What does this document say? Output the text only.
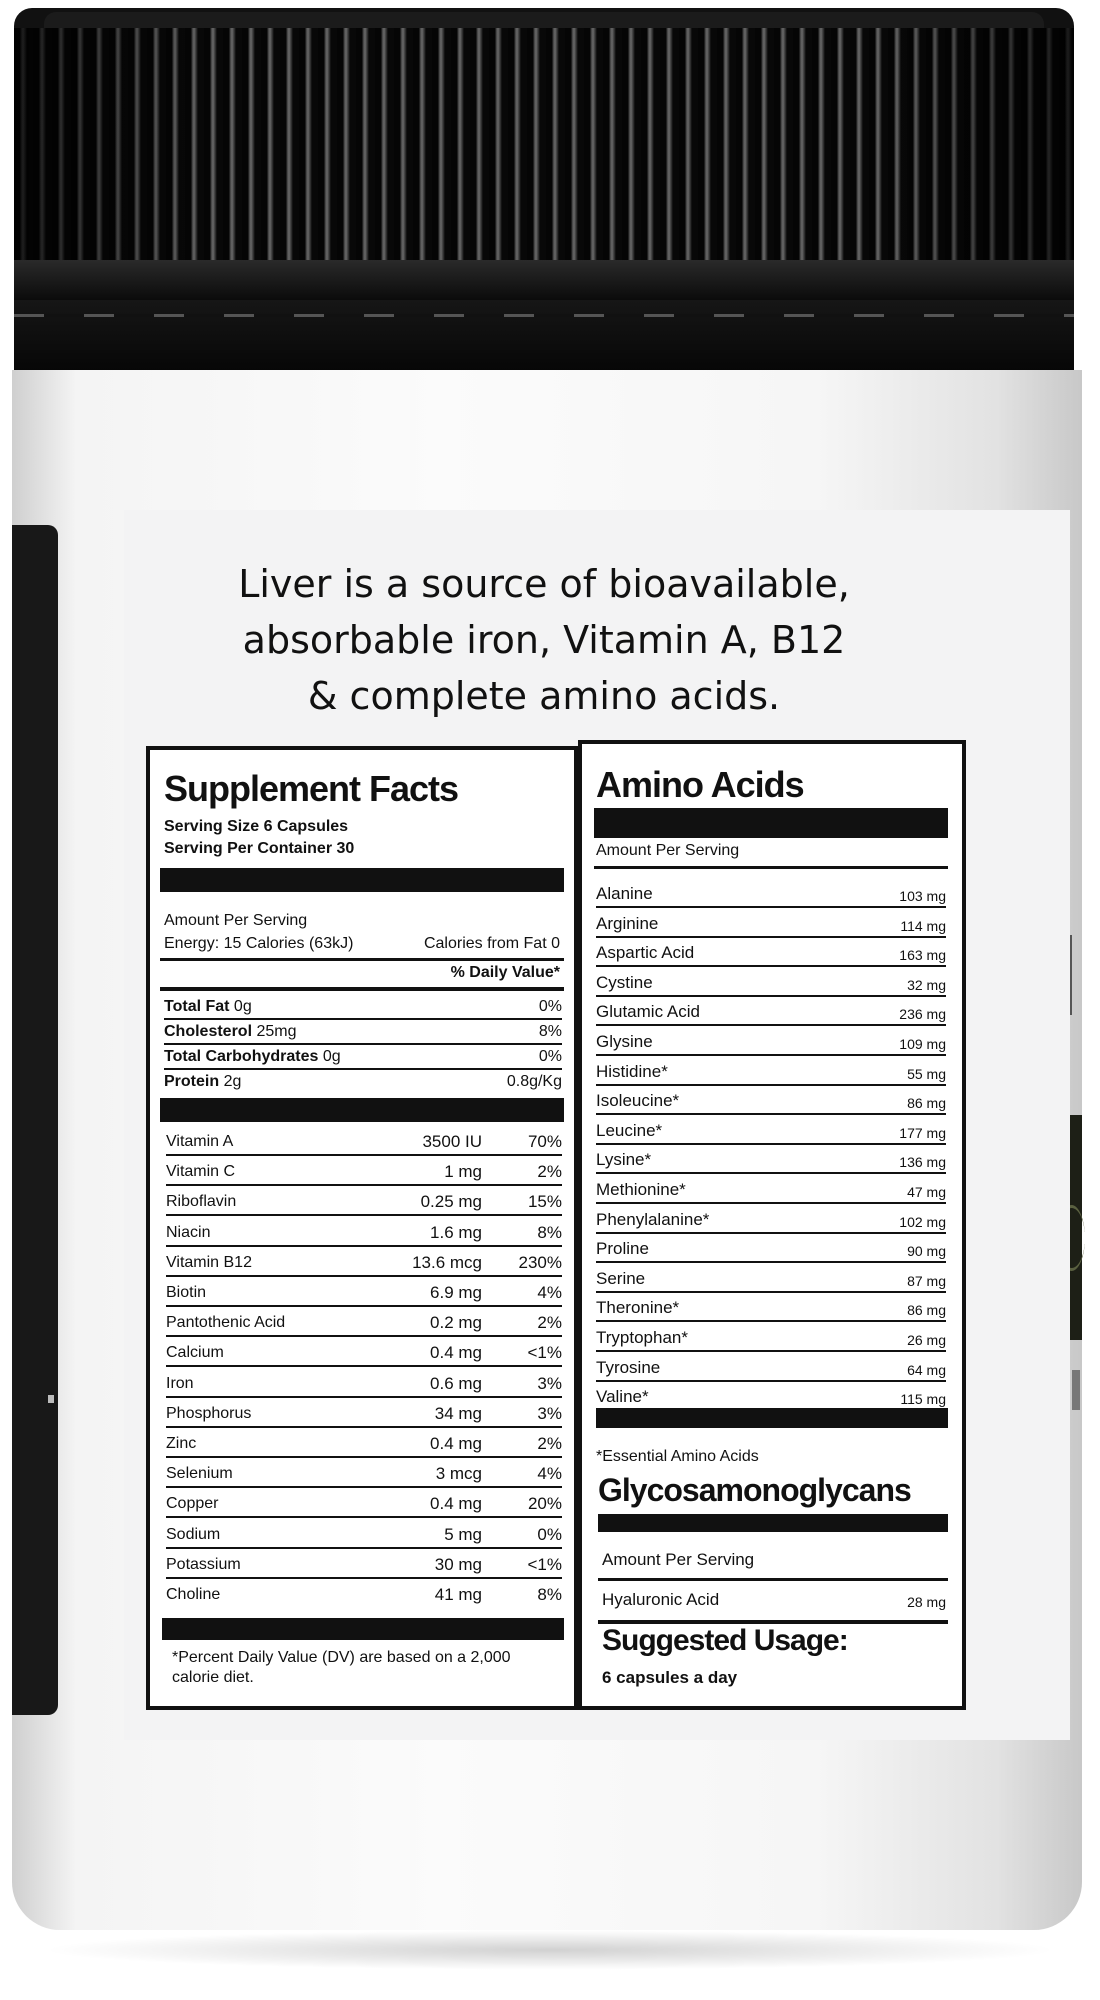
Liver is a source of bioavailable,
absorbable iron, Vitamin A, B12
& complete amino acids.
Supplement Facts
Serving Size 6 Capsules
Serving Per Container 30
Amount Per Serving
Energy: 15 Calories (63kJ)	Calories from Fat 0
% Daily Value*
Total Fat 0g	0%
Cholesterol 25mg	8%
Total Carbohydrates 0g	0%
Protein 2g	0.8g/Kg
Vitamin A	3500 IU	70%
Vitamin C	1 mg	2%
Riboflavin	0.25 mg	15%
Niacin	1.6 mg	8%
Vitamin B12	13.6 mcg 230%
Biotin	6.9 mg	4%
Pantothenic Acid	0.2 mg	2%
Calcium	0.4 mg	<1%
Iron	0.6 mg	3%
Phosphorus	34 mg	3%
Zinc	0.4 mg	2%
Selenium	3 mcg	4%
Copper	0.4 mg	20%
Sodium	5 mg	0%
Potassium	30 mg	<1%
Choline	41 mg	8%
*Percent Daily Value (DV) are based on a 2,000 calorie diet.
Amino Acids
Amount Per Serving
Alanine	103 mg
Arginine	114 mg
Aspartic Acid	163 mg
Cystine	32 mg
Glutamic Acid	236 mg
Glysine	109 mg
Histidine*	55 mg
Isoleucine*	86 mg
Leucine*	177 mg
Lysine*	136 mg
Methionine*	47 mg
Phenylalanine*	102 mg
Proline	90 mg
Serine	87 mg
Theronine*	86 mg
Tryptophan*	26 mg
Tyrosine	64 mg
Valine*	115 mg
*Essential Amino Acids
Glycosamonoglycans
Amount Per Serving
Hyaluronic Acid	28 mg
Suggested Usage:
6 capsules a day
